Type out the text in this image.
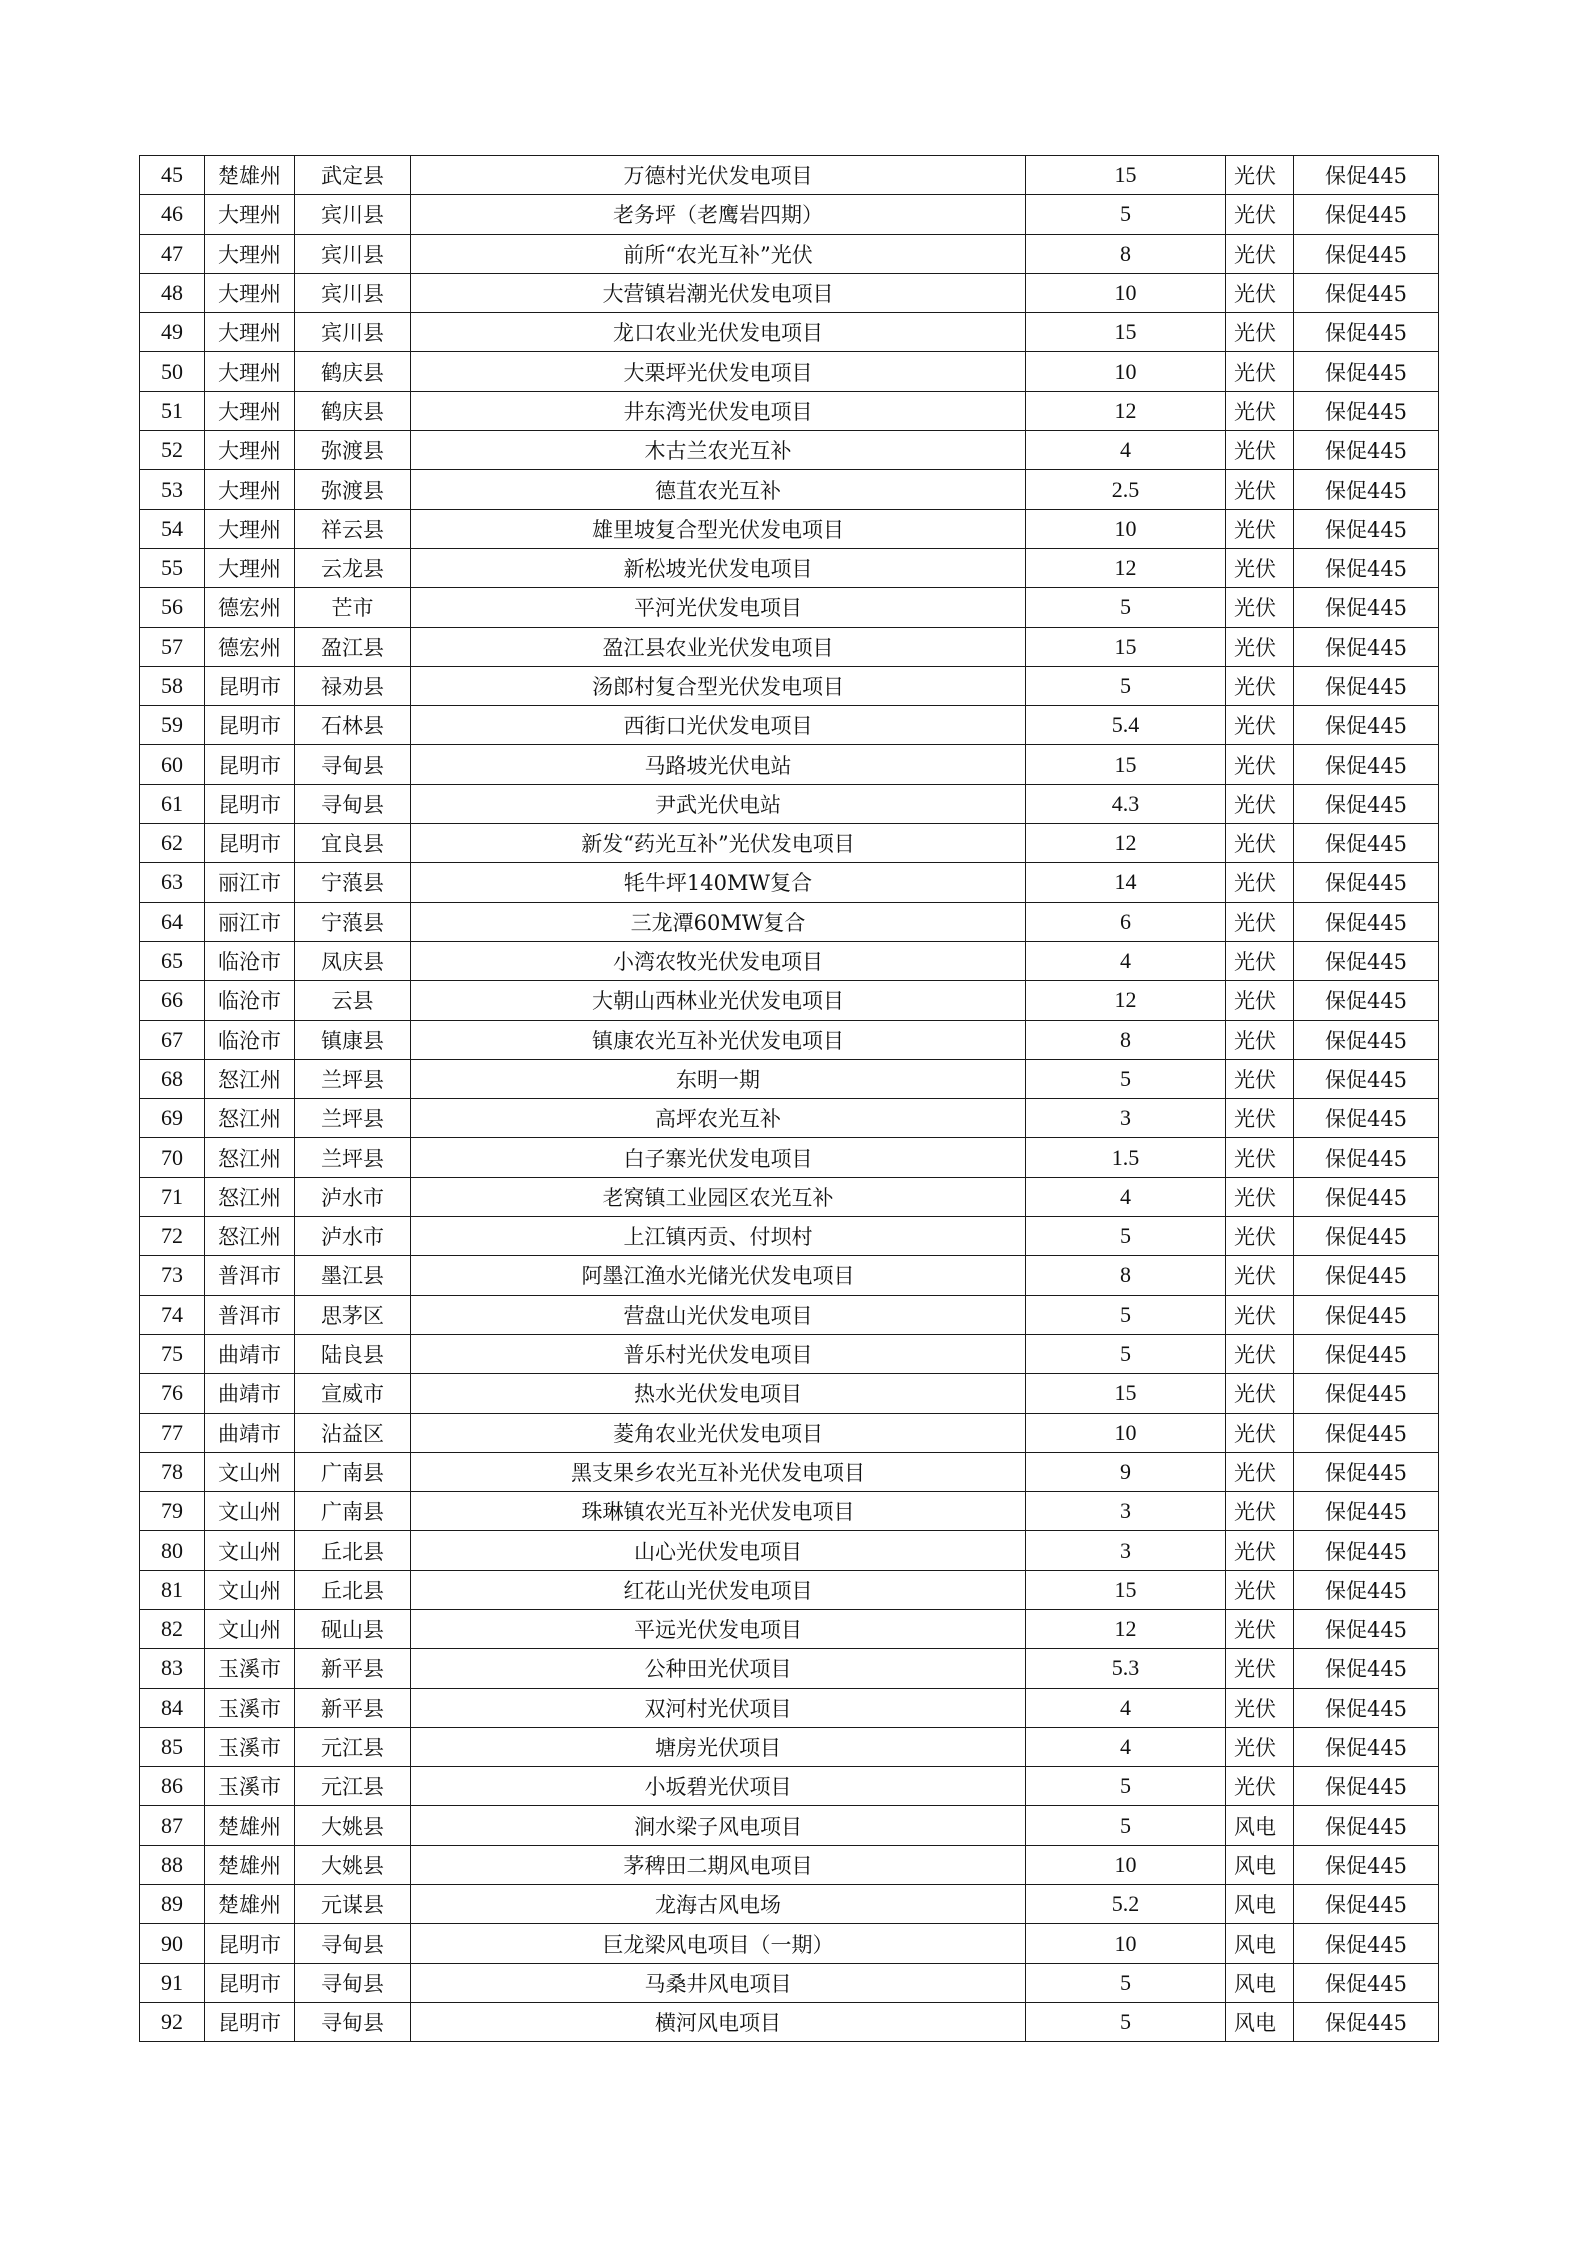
45	楚雄州	武定县	万德村光伏发电项目	15	光伏	保促445
46	大理州	宾川县	老务坪（老鹰岩四期）	5	光伏	保促445
47	大理州	宾川县	前所“农光互补”光伏	8	光伏	保促445
48	大理州	宾川县	大营镇岩潮光伏发电项目	10	光伏	保促445
49	大理州	宾川县	龙口农业光伏发电项目	15	光伏	保促445
50	大理州	鹤庆县	大栗坪光伏发电项目	10	光伏	保促445
51	大理州	鹤庆县	井东湾光伏发电项目	12	光伏	保促445
52	大理州	弥渡县	木古兰农光互补	4	光伏	保促445
53	大理州	弥渡县	德苴农光互补	2.5	光伏	保促445
54	大理州	祥云县	雄里坡复合型光伏发电项目	10	光伏	保促445
55	大理州	云龙县	新松坡光伏发电项目	12	光伏	保促445
56	德宏州	芒市	平河光伏发电项目	5	光伏	保促445
57	德宏州	盈江县	盈江县农业光伏发电项目	15	光伏	保促445
58	昆明市	禄劝县	汤郎村复合型光伏发电项目	5	光伏	保促445
59	昆明市	石林县	西街口光伏发电项目	5.4	光伏	保促445
60	昆明市	寻甸县	马路坡光伏电站	15	光伏	保促445
61	昆明市	寻甸县	尹武光伏电站	4.3	光伏	保促445
62	昆明市	宜良县	新发“药光互补”光伏发电项目	12	光伏	保促445
63	丽江市	宁蒗县	牦牛坪140MW复合	14	光伏	保促445
64	丽江市	宁蒗县	三龙潭60MW复合	6	光伏	保促445
65	临沧市	凤庆县	小湾农牧光伏发电项目	4	光伏	保促445
66	临沧市	云县	大朝山西林业光伏发电项目	12	光伏	保促445
67	临沧市	镇康县	镇康农光互补光伏发电项目	8	光伏	保促445
68	怒江州	兰坪县	东明一期	5	光伏	保促445
69	怒江州	兰坪县	高坪农光互补	3	光伏	保促445
70	怒江州	兰坪县	白子寨光伏发电项目	1.5	光伏	保促445
71	怒江州	泸水市	老窝镇工业园区农光互补	4	光伏	保促445
72	怒江州	泸水市	上江镇丙贡、付坝村	5	光伏	保促445
73	普洱市	墨江县	阿墨江渔水光储光伏发电项目	8	光伏	保促445
74	普洱市	思茅区	营盘山光伏发电项目	5	光伏	保促445
75	曲靖市	陆良县	普乐村光伏发电项目	5	光伏	保促445
76	曲靖市	宣威市	热水光伏发电项目	15	光伏	保促445
77	曲靖市	沾益区	菱角农业光伏发电项目	10	光伏	保促445
78	文山州	广南县	黑支果乡农光互补光伏发电项目	9	光伏	保促445
79	文山州	广南县	珠琳镇农光互补光伏发电项目	3	光伏	保促445
80	文山州	丘北县	山心光伏发电项目	3	光伏	保促445
81	文山州	丘北县	红花山光伏发电项目	15	光伏	保促445
82	文山州	砚山县	平远光伏发电项目	12	光伏	保促445
83	玉溪市	新平县	公种田光伏项目	5.3	光伏	保促445
84	玉溪市	新平县	双河村光伏项目	4	光伏	保促445
85	玉溪市	元江县	塘房光伏项目	4	光伏	保促445
86	玉溪市	元江县	小坂碧光伏项目	5	光伏	保促445
87	楚雄州	大姚县	涧水梁子风电项目	5	风电	保促445
88	楚雄州	大姚县	茅稗田二期风电项目	10	风电	保促445
89	楚雄州	元谋县	龙海古风电场	5.2	风电	保促445
90	昆明市	寻甸县	巨龙梁风电项目（一期）	10	风电	保促445
91	昆明市	寻甸县	马桑井风电项目	5	风电	保促445
92	昆明市	寻甸县	横河风电项目	5	风电	保促445
